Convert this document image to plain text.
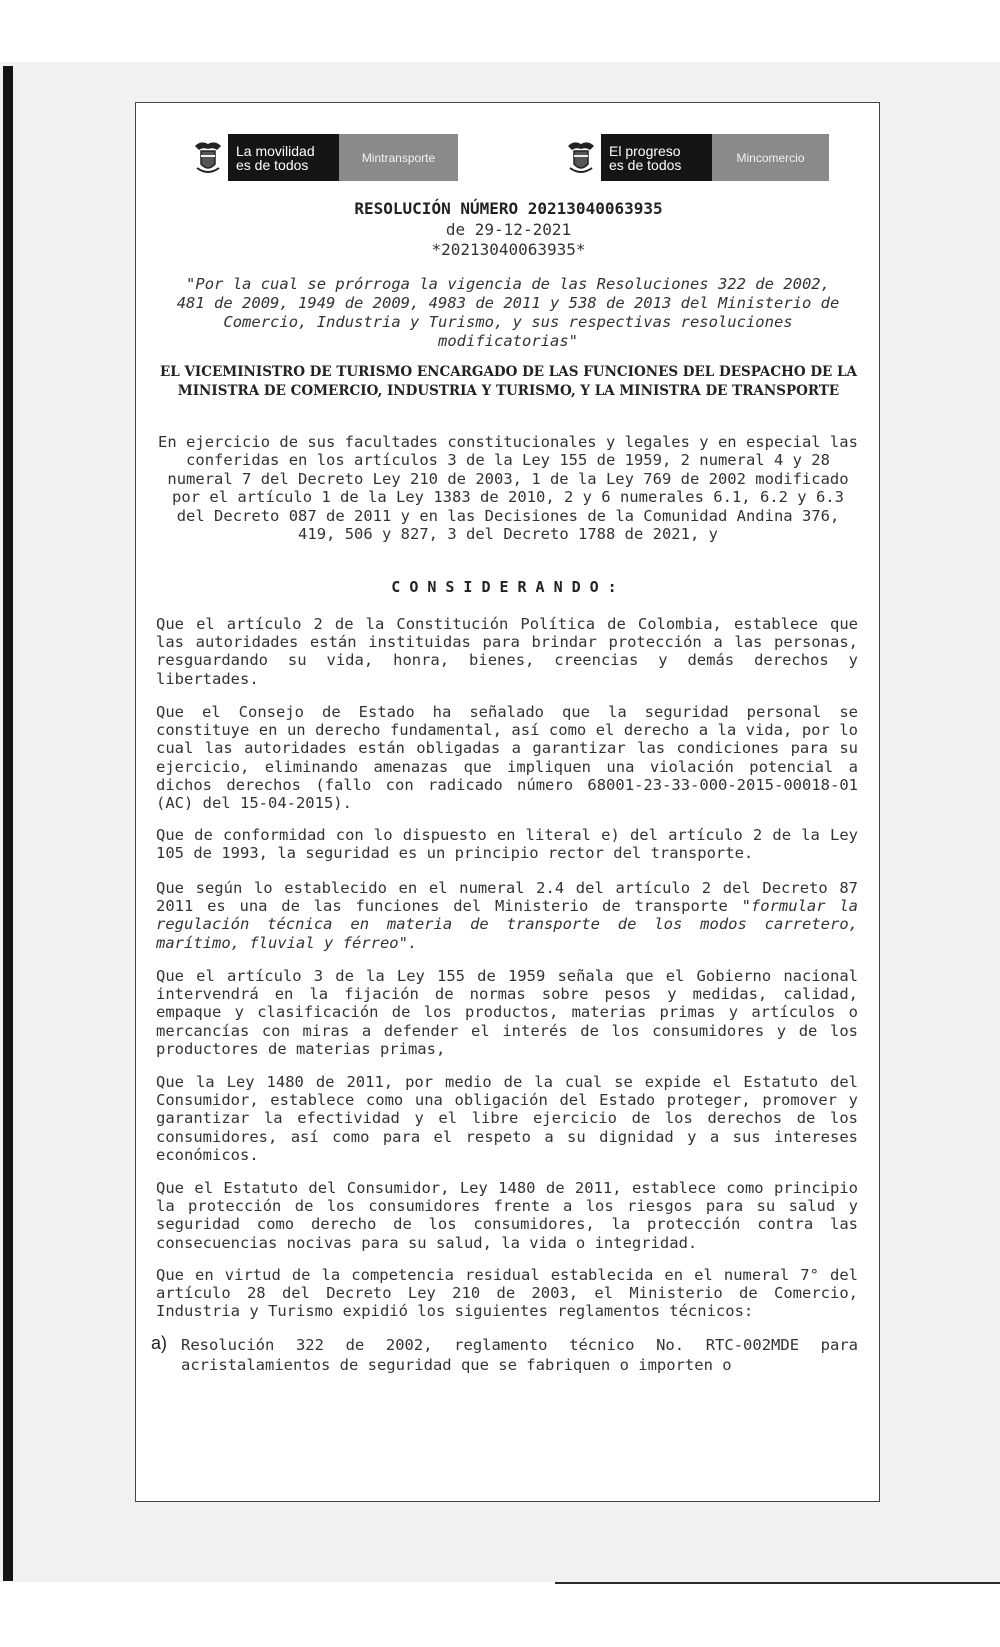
La movilidad
es de todos	Mintransporte	El progreso
es de todos	Mincomercio
RESOLUCIÓN NÚMERO 20213040063935
de 29-12-2021
*20213040063935*
"Por la cual se prórroga la vigencia de las Resoluciones 322 de 2002, 481 de 2009, 1949 de 2009, 4983 de 2011 y 538 de 2013 del Ministerio de Comercio, Industria y Turismo, y sus respectivas resoluciones modificatorias"
EL VICEMINISTRO DE TURISMO ENCARGADO DE LAS FUNCIONES DEL DESPACHO DE LA MINISTRA DE COMERCIO, INDUSTRIA Y TURISMO, Y LA MINISTRA DE TRANSPORTE
En ejercicio de sus facultades constitucionales y legales y en especial las conferidas en los artículos 3 de la Ley 155 de 1959, 2 numeral 4 y 28 numeral 7 del Decreto Ley 210 de 2003, 1 de la Ley 769 de 2002 modificado por el artículo 1 de la Ley 1383 de 2010, 2 y 6 numerales 6.1, 6.2 y 6.3 del Decreto 087 de 2011 y en las Decisiones de la Comunidad Andina 376, 419, 506 y 827, 3 del Decreto 1788 de 2021, y
CONSIDERANDO:

Que el artículo 2 de la Constitución Política de Colombia, establece que las autoridades están instituidas para brindar protección a las personas, resguardando su vida, honra, bienes, creencias y demás derechos y libertades.

Que el Consejo de Estado ha señalado que la seguridad personal se constituye en un derecho fundamental, así como el derecho a la vida, por lo cual las autoridades están obligadas a garantizar las condiciones para su ejercicio, eliminando amenazas que impliquen una violación potencial a dichos derechos (fallo con radicado número 68001-23-33-000-2015-00018-01 (AC) del 15-04-2015).

Que de conformidad con lo dispuesto en literal e) del artículo 2 de la Ley 105 de 1993, la seguridad es un principio rector del transporte.

Que según lo establecido en el numeral 2.4 del artículo 2 del Decreto 87 2011 es una de las funciones del Ministerio de transporte "formular la regulación técnica en materia de transporte de los modos carretero, marítimo, fluvial y férreo".

Que el artículo 3 de la Ley 155 de 1959 señala que el Gobierno nacional intervendrá en la fijación de normas sobre pesos y medidas, calidad, empaque y clasificación de los productos, materias primas y artículos o mercancías con miras a defender el interés de los consumidores y de los productores de materias primas,

Que la Ley 1480 de 2011, por medio de la cual se expide el Estatuto del Consumidor, establece como una obligación del Estado proteger, promover y garantizar la efectividad y el libre ejercicio de los derechos de los consumidores, así como para el respeto a su dignidad y a sus intereses económicos.

Que el Estatuto del Consumidor, Ley 1480 de 2011, establece como principio la protección de los consumidores frente a los riesgos para su salud y seguridad como derecho de los consumidores, la protección contra las consecuencias nocivas para su salud, la vida o integridad.

Que en virtud de la competencia residual establecida en el numeral 7° del artículo 28 del Decreto Ley 210 de 2003, el Ministerio de Comercio, Industria y Turismo expidió los siguientes reglamentos técnicos:

a) Resolución 322 de 2002, reglamento técnico No. RTC-002MDE para acristalamientos de seguridad que se fabriquen o importen o
